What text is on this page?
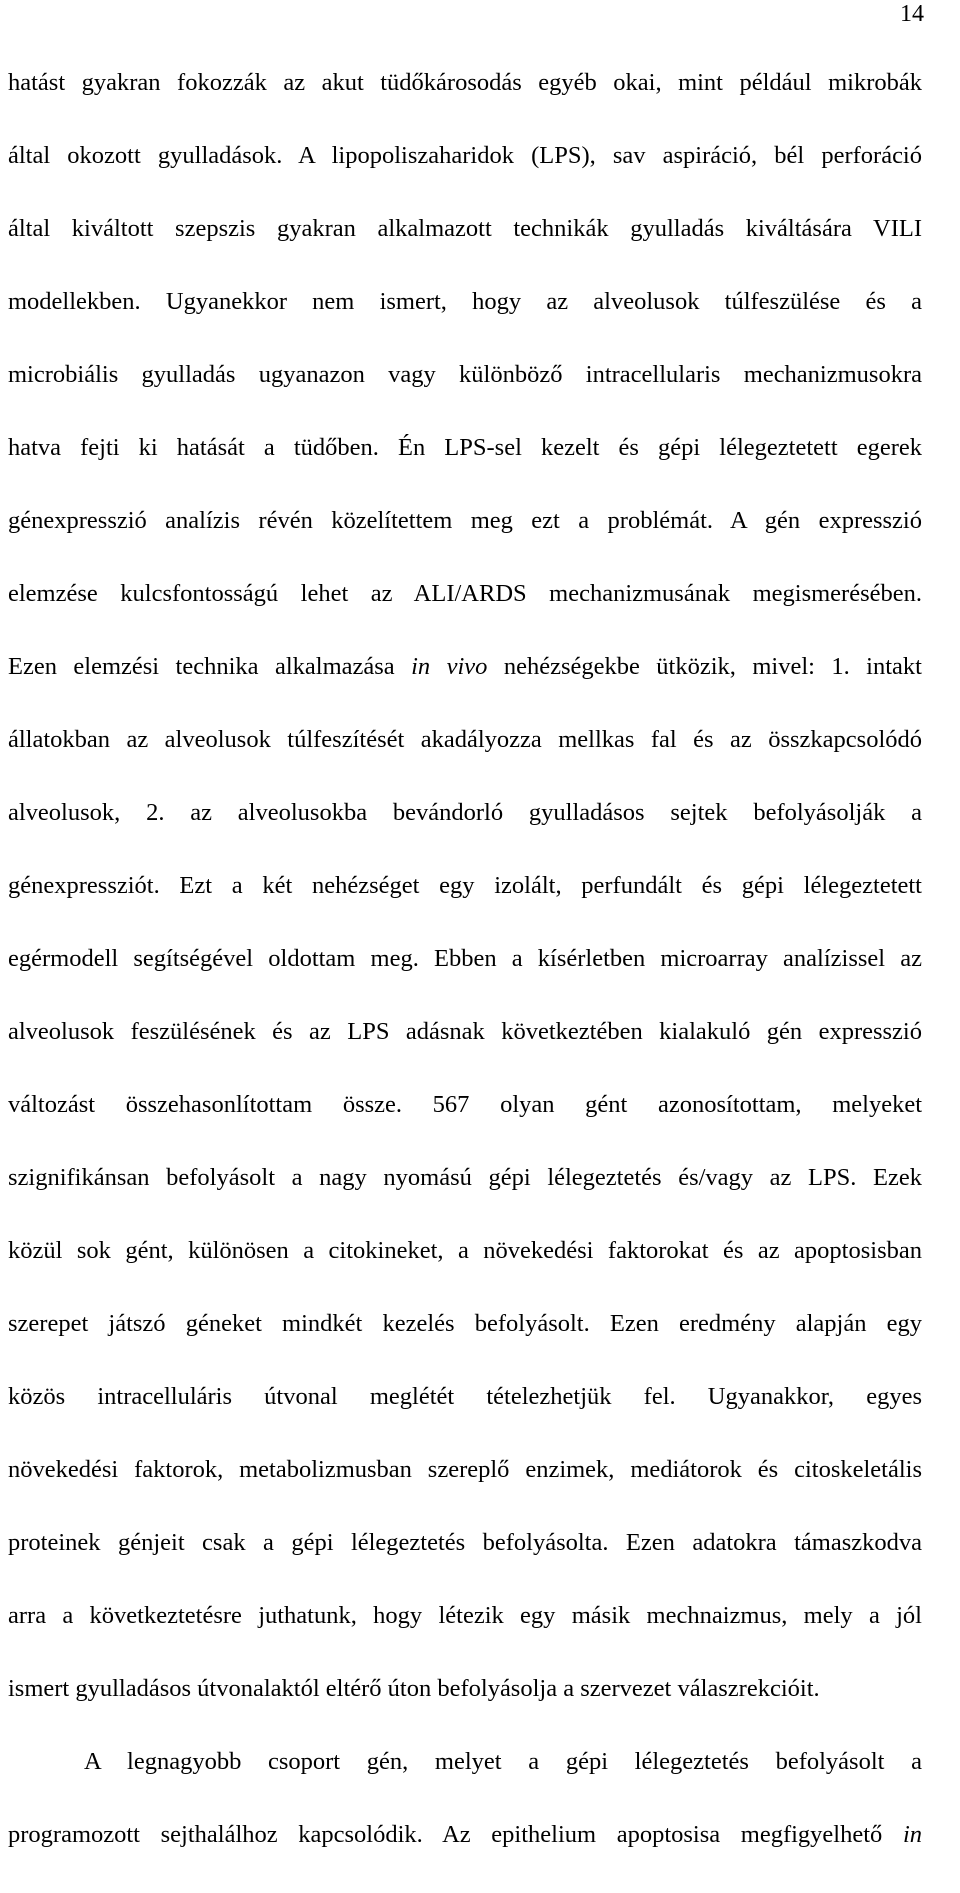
14
hatást gyakran fokozzák az akut tüdőkárosodás egyéb okai, mint például mikrobák
által okozott gyulladások. A lipopoliszaharidok (LPS), sav aspiráció, bél perforáció
által kiváltott szepszis gyakran alkalmazott technikák gyulladás kiváltására VILI
modellekben. Ugyanekkor nem ismert, hogy az alveolusok túlfeszülése és a
microbiális gyulladás ugyanazon vagy különböző intracellularis mechanizmusokra
hatva fejti ki hatását a tüdőben. Én LPS-sel kezelt és gépi lélegeztetett egerek
génexpresszió analízis révén közelítettem meg ezt a problémát. A gén expresszió
elemzése kulcsfontosságú lehet az ALI/ARDS mechanizmusának megismerésében.
Ezen elemzési technika alkalmazása in vivo nehézségekbe ütközik, mivel: 1. intakt
állatokban az alveolusok túlfeszítését akadályozza mellkas fal és az összkapcsolódó
alveolusok, 2. az alveolusokba bevándorló gyulladásos sejtek befolyásolják a
génexpressziót. Ezt a két nehézséget egy izolált, perfundált és gépi lélegeztetett
egérmodell segítségével oldottam meg. Ebben a kísérletben microarray analízissel az
alveolusok feszülésének és az LPS adásnak következtében kialakuló gén expresszió
változást összehasonlítottam össze. 567 olyan gént azonosítottam, melyeket
szignifikánsan befolyásolt a nagy nyomású gépi lélegeztetés és/vagy az LPS. Ezek
közül sok gént, különösen a citokineket, a növekedési faktorokat és az apoptosisban
szerepet játszó géneket mindkét kezelés befolyásolt. Ezen eredmény alapján egy
közös intracelluláris útvonal meglétét tételezhetjük fel. Ugyanakkor, egyes
növekedési faktorok, metabolizmusban szereplő enzimek, mediátorok és citoskeletális
proteinek génjeit csak a gépi lélegeztetés befolyásolta. Ezen adatokra támaszkodva
arra a következtetésre juthatunk, hogy létezik egy másik mechnaizmus, mely a jól
ismert gyulladásos útvonalaktól eltérő úton befolyásolja a szervezet válaszrekcióit.
A legnagyobb csoport gén, melyet a gépi lélegeztetés befolyásolt a
programozott sejthalálhoz kapcsolódik. Az epithelium apoptosisa megfigyelhető in
